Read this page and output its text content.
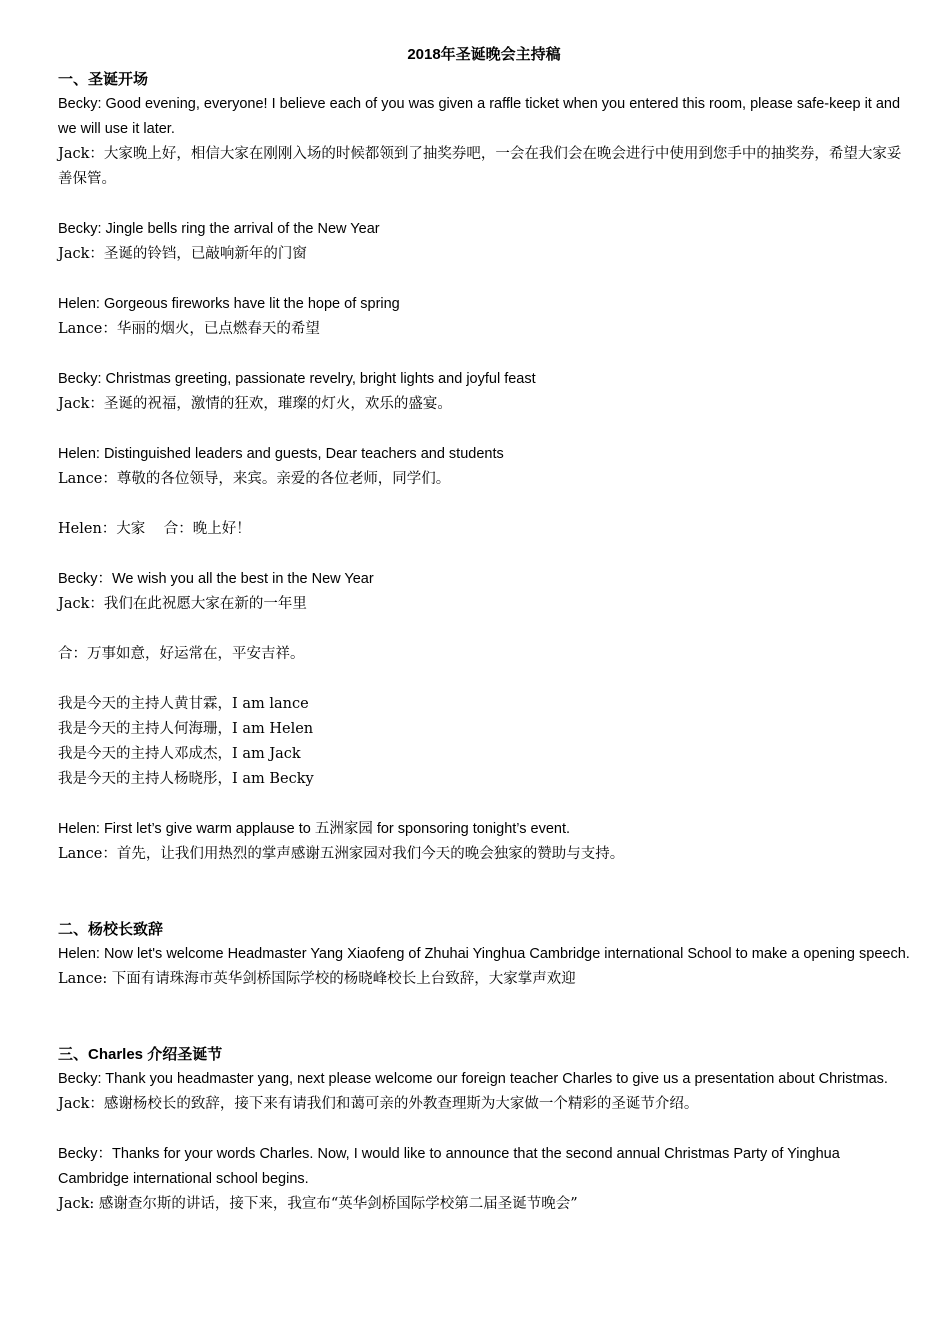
2018年圣诞晚会主持稿
一、圣诞开场
Becky: Good evening, everyone! I believe each of you was given a raffle ticket when you entered this room, please safe-keep it and we will use it later.
Jack：大家晚上好，相信大家在刚刚入场的时候都领到了抽奖券吧，一会在我们会在晚会进行中使用到您手中的抽奖券，希望大家妥善保管。
Becky: Jingle bells ring the arrival of the New Year
Jack：圣诞的铃铛，已敲响新年的门窗
Helen: Gorgeous fireworks have lit the hope of spring
Lance：华丽的烟火，已点燃春天的希望
Becky: Christmas greeting, passionate revelry, bright lights and joyful feast
Jack：圣诞的祝福，激情的狂欢，璀璨的灯火，欢乐的盛宴。
Helen: Distinguished leaders and guests, Dear teachers and students
Lance：尊敬的各位领导，来宾。亲爱的各位老师，同学们。
Helen：大家    合：晚上好！
Becky：We wish you all the best in the New Year
Jack：我们在此祝愿大家在新的一年里
合：万事如意，好运常在，平安吉祥。
我是今天的主持人黄甘霖，I am lance
我是今天的主持人何海珊，I am Helen
我是今天的主持人邓成杰，I am Jack
我是今天的主持人杨晓彤，I am Becky
Helen: First let’s give warm applause to 五洲家园 for sponsoring tonight’s event.
Lance：首先，让我们用热烈的掌声感谢五洲家园对我们今天的晚会独家的赞助与支持。
二、杨校长致辞
Helen: Now let's welcome Headmaster Yang Xiaofeng of Zhuhai Yinghua Cambridge international School to make a opening speech.
Lance: 下面有请珠海市英华剑桥国际学校的杨晓峰校长上台致辞，大家掌声欢迎
三、Charles 介绍圣诞节
Becky: Thank you headmaster yang, next please welcome our foreign teacher Charles to give us a presentation about Christmas.
Jack：感谢杨校长的致辞，接下来有请我们和蔼可亲的外教查理斯为大家做一个精彩的圣诞节介绍。
Becky：Thanks for your words Charles. Now, I would like to announce that the second annual Christmas Party of Yinghua Cambridge international school begins.
Jack: 感谢查尔斯的讲话，接下来，我宣布“英华剑桥国际学校第二届圣诞节晚会”
